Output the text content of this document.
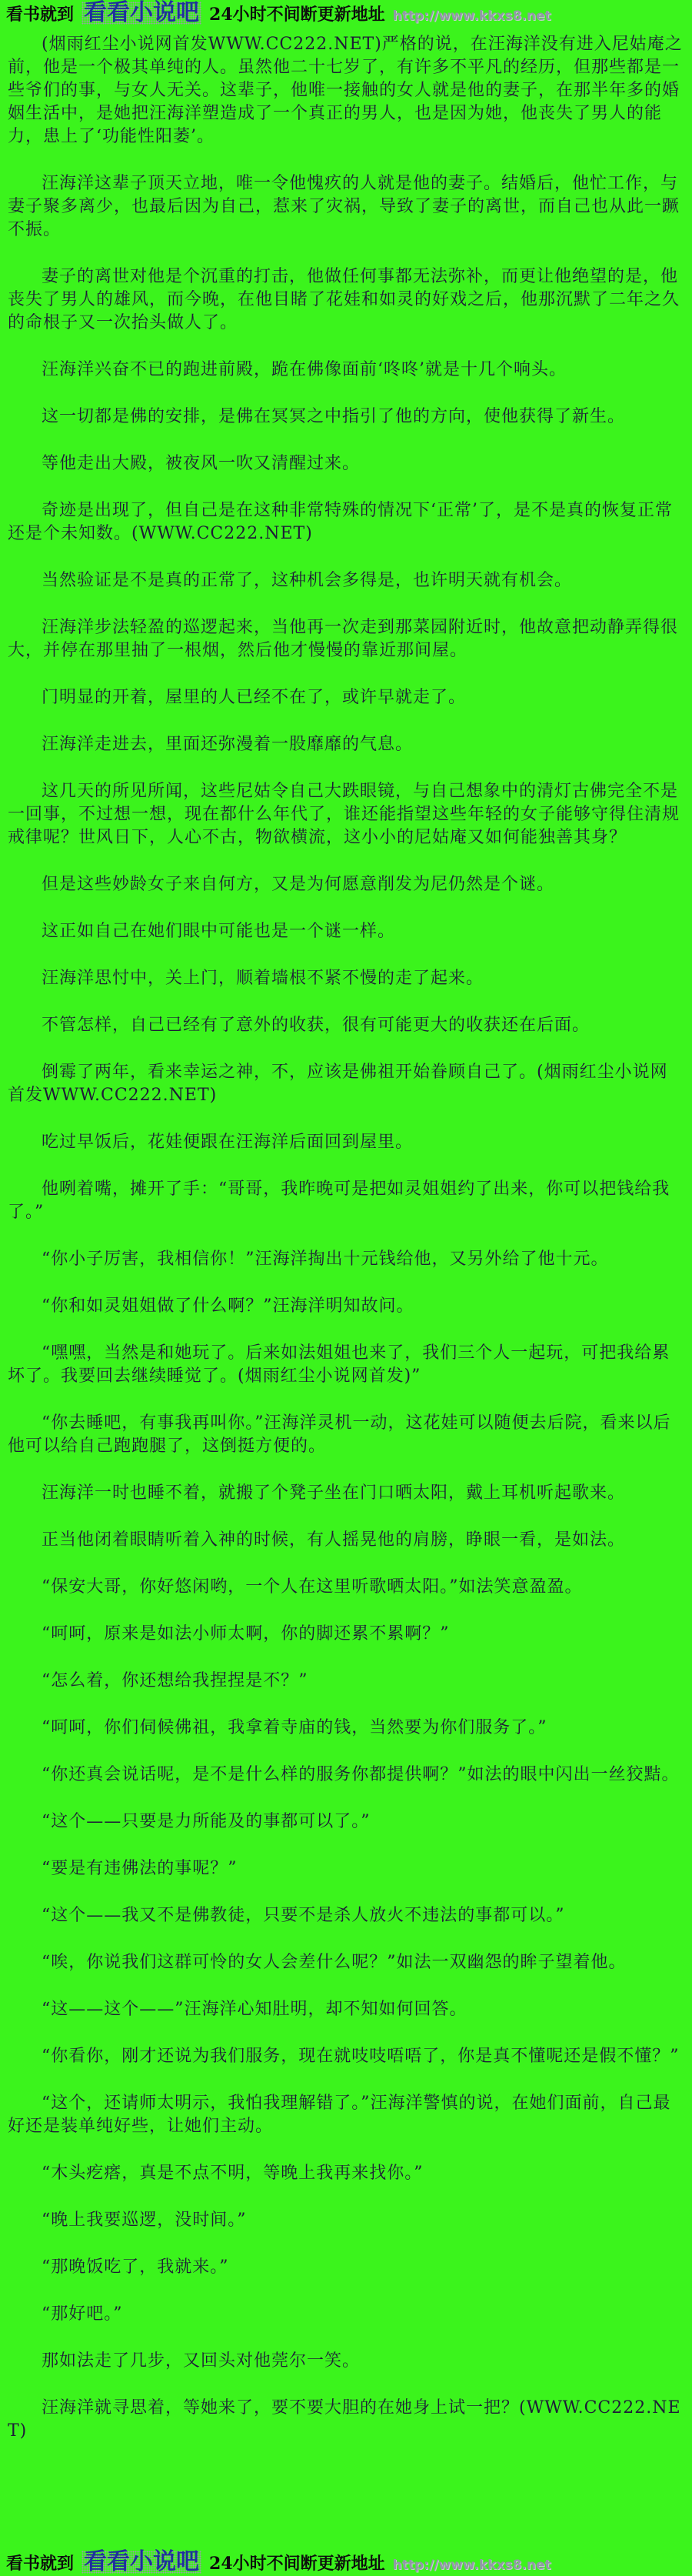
看书就到 看看小说吧 24小时不间断更新地址 http://www.kkxs8.net

(烟雨红尘小说网首发WWW.CC222.NET)严格的说，在汪海洋没有进入尼姑庵之前，他是一个极其单纯的人。虽然他二十七岁了，有许多不平凡的经历，但那些都是一些爷们的事，与女人无关。这辈子，他唯一接触的女人就是他的妻子，在那半年多的婚姻生活中，是她把汪海洋塑造成了一个真正的男人，也是因为她，他丧失了男人的能力，患上了‘功能性阳萎’。

汪海洋这辈子顶天立地，唯一令他愧疚的人就是他的妻子。结婚后，他忙工作，与妻子聚多离少，也最后因为自己，惹来了灾祸，导致了妻子的离世，而自己也从此一蹶不振。

妻子的离世对他是个沉重的打击，他做任何事都无法弥补，而更让他绝望的是，他丧失了男人的雄风，而今晚，在他目睹了花娃和如灵的好戏之后，他那沉默了二年之久的命根子又一次抬头做人了。

汪海洋兴奋不已的跑进前殿，跪在佛像面前‘咚咚’就是十几个响头。

这一切都是佛的安排，是佛在冥冥之中指引了他的方向，使他获得了新生。

等他走出大殿，被夜风一吹又清醒过来。

奇迹是出现了，但自己是在这种非常特殊的情况下‘正常’了，是不是真的恢复正常还是个未知数。(WWW.CC222.NET)

当然验证是不是真的正常了，这种机会多得是，也许明天就有机会。

汪海洋步法轻盈的巡逻起来，当他再一次走到那菜园附近时，他故意把动静弄得很大，并停在那里抽了一根烟，然后他才慢慢的靠近那间屋。

门明显的开着，屋里的人已经不在了，或许早就走了。

汪海洋走进去，里面还弥漫着一股靡靡的气息。

这几天的所见所闻，这些尼姑令自己大跌眼镜，与自己想象中的清灯古佛完全不是一回事，不过想一想，现在都什么年代了，谁还能指望这些年轻的女子能够守得住清规戒律呢？世风日下，人心不古，物欲横流，这小小的尼姑庵又如何能独善其身？

但是这些妙龄女子来自何方，又是为何愿意削发为尼仍然是个谜。

这正如自己在她们眼中可能也是一个谜一样。

汪海洋思忖中，关上门，顺着墙根不紧不慢的走了起来。

不管怎样，自己已经有了意外的收获，很有可能更大的收获还在后面。

倒霉了两年，看来幸运之神，不，应该是佛祖开始眷顾自己了。(烟雨红尘小说网首发WWW.CC222.NET)

吃过早饭后，花娃便跟在汪海洋后面回到屋里。

他咧着嘴，摊开了手：“哥哥，我昨晚可是把如灵姐姐约了出来，你可以把钱给我了。”

“你小子厉害，我相信你！”汪海洋掏出十元钱给他，又另外给了他十元。

“你和如灵姐姐做了什么啊？”汪海洋明知故问。

“嘿嘿，当然是和她玩了。后来如法姐姐也来了，我们三个人一起玩，可把我给累坏了。我要回去继续睡觉了。(烟雨红尘小说网首发)”

“你去睡吧，有事我再叫你。”汪海洋灵机一动，这花娃可以随便去后院，看来以后他可以给自己跑跑腿了，这倒挺方便的。

汪海洋一时也睡不着，就搬了个凳子坐在门口晒太阳，戴上耳机听起歌来。

正当他闭着眼睛听着入神的时候，有人摇晃他的肩膀，睁眼一看，是如法。

“保安大哥，你好悠闲哟，一个人在这里听歌晒太阳。”如法笑意盈盈。

“呵呵，原来是如法小师太啊，你的脚还累不累啊？”

“怎么着，你还想给我捏捏是不？”

“呵呵，你们伺候佛祖，我拿着寺庙的钱，当然要为你们服务了。”

“你还真会说话呢，是不是什么样的服务你都提供啊？”如法的眼中闪出一丝狡黠。

“这个——只要是力所能及的事都可以了。”

“要是有违佛法的事呢？”

“这个——我又不是佛教徒，只要不是杀人放火不违法的事都可以。”

“唉，你说我们这群可怜的女人会差什么呢？”如法一双幽怨的眸子望着他。

“这——这个——”汪海洋心知肚明，却不知如何回答。

“你看你，刚才还说为我们服务，现在就吱吱唔唔了，你是真不懂呢还是假不懂？”

“这个，还请师太明示，我怕我理解错了。”汪海洋警慎的说，在她们面前，自己最好还是装单纯好些，让她们主动。

“木头疙瘩，真是不点不明，等晚上我再来找你。”

“晚上我要巡逻，没时间。”

“那晚饭吃了，我就来。”

“那好吧。”

那如法走了几步，又回头对他莞尔一笑。

汪海洋就寻思着，等她来了，要不要大胆的在她身上试一把？(WWW.CC222.NET)

看书就到 看看小说吧 24小时不间断更新地址 http://www.kkxs8.net
